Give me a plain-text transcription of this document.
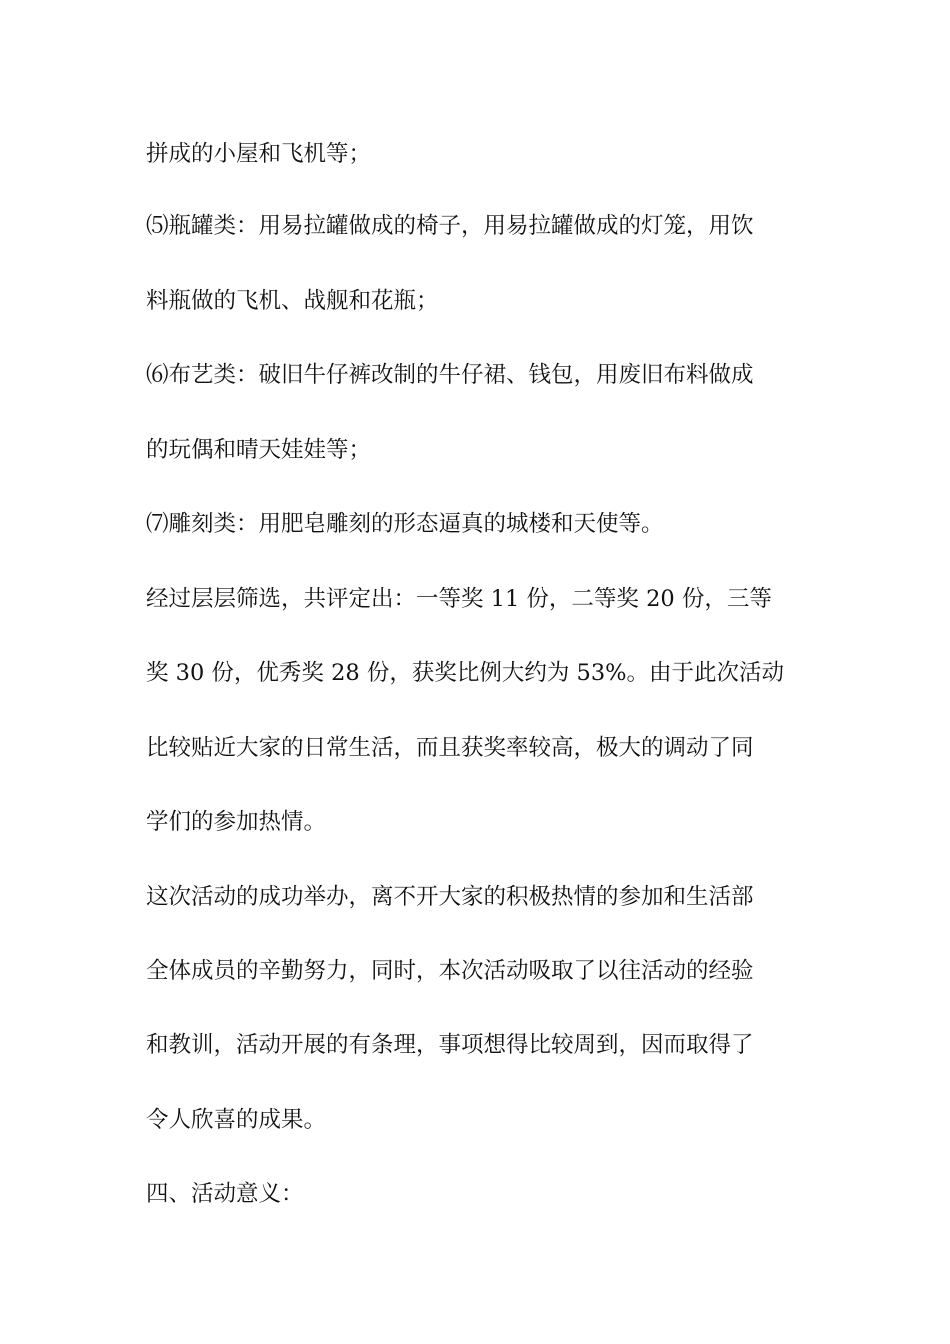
拼成的小屋和飞机等；
⑸瓶罐类：用易拉罐做成的椅子，用易拉罐做成的灯笼，用饮
料瓶做的飞机、战舰和花瓶；
⑹布艺类：破旧牛仔裤改制的牛仔裙、钱包，用废旧布料做成
的玩偶和晴天娃娃等；
⑺雕刻类：用肥皂雕刻的形态逼真的城楼和天使等。
经过层层筛选，共评定出：一等奖 11 份，二等奖 20 份，三等
奖 30 份，优秀奖 28 份，获奖比例大约为 53%。由于此次活动
比较贴近大家的日常生活，而且获奖率较高，极大的调动了同
学们的参加热情。
这次活动的成功举办，离不开大家的积极热情的参加和生活部
全体成员的辛勤努力，同时，本次活动吸取了以往活动的经验
和教训，活动开展的有条理，事项想得比较周到，因而取得了
令人欣喜的成果。
四、活动意义：
